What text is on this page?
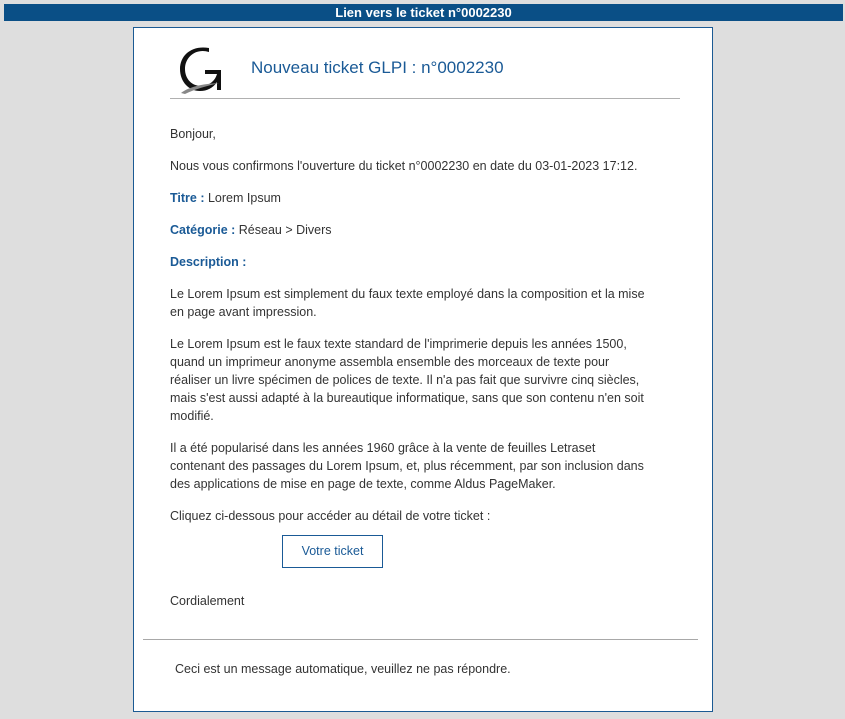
Lien vers le ticket n°0002230
Nouveau ticket GLPI : n°0002230

Bonjour,

Nous vous confirmons l'ouverture du ticket n°0002230 en date du 03-01-2023 17:12.

Titre : Lorem Ipsum

Catégorie : Réseau > Divers

Description :

Le Lorem Ipsum est simplement du faux texte employé dans la composition et la mise en page avant impression.

Le Lorem Ipsum est le faux texte standard de l'imprimerie depuis les années 1500, quand un imprimeur anonyme assembla ensemble des morceaux de texte pour réaliser un livre spécimen de polices de texte. Il n'a pas fait que survivre cinq siècles, mais s'est aussi adapté à la bureautique informatique, sans que son contenu n'en soit modifié.

Il a été popularisé dans les années 1960 grâce à la vente de feuilles Letraset contenant des passages du Lorem Ipsum, et, plus récemment, par son inclusion dans des applications de mise en page de texte, comme Aldus PageMaker.

Cliquez ci-dessous pour accéder au détail de votre ticket :

Votre ticket
Cordialement
Ceci est un message automatique, veuillez ne pas répondre.
